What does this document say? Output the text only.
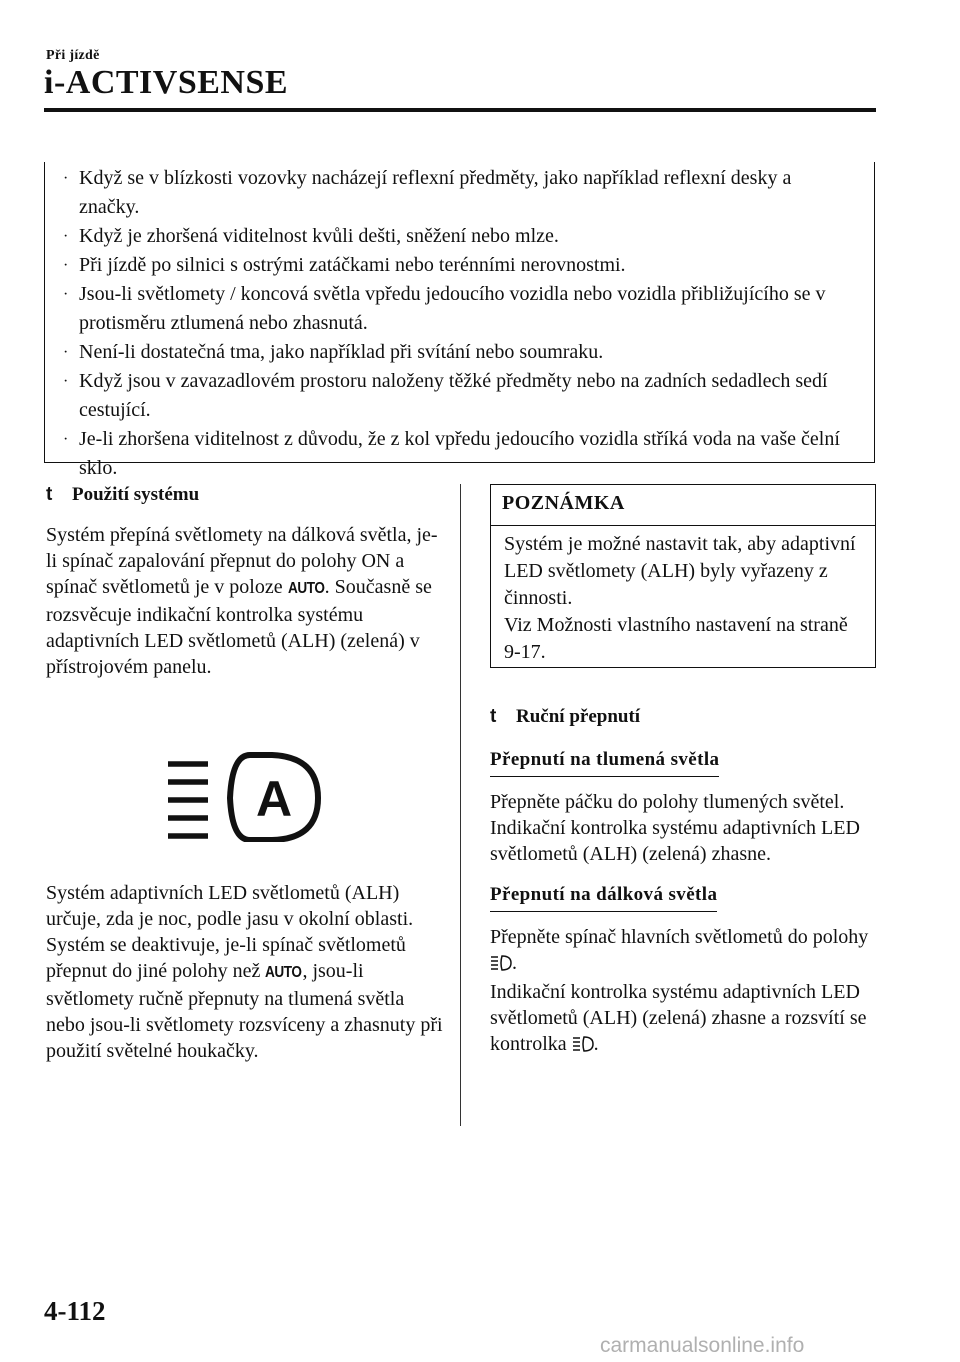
Při jízdě
i-ACTIVSENSE
· Když se v blízkosti vozovky nacházejí reflexní předměty, jako například reflexní desky a značky.
· Když je zhoršená viditelnost kvůli dešti, sněžení nebo mlze.
· Při jízdě po silnici s ostrými zatáčkami nebo terénními nerovnostmi.
· Jsou-li světlomety / koncová světla vpředu jedoucího vozidla nebo vozidla přibližujícího se v protisměru ztlumená nebo zhasnutá.
· Není-li dostatečná tma, jako například při svítání nebo soumraku.
· Když jsou v zavazadlovém prostoru naloženy těžké předměty nebo na zadních sedadlech sedí cestující.
· Je-li zhoršena viditelnost z důvodu, že z kol vpředu jedoucího vozidla stříká voda na vaše čelní sklo.
t	Použití systému
Systém přepíná světlomety na dálková světla, je-li spínač zapalování přepnut do polohy ON a spínač světlometů je v poloze AUTO. Současně se rozsvěcuje indikační kontrolka systému adaptivních LED světlometů (ALH) (zelená) v přístrojovém panelu.
Systém adaptivních LED světlometů (ALH) určuje, zda je noc, podle jasu v okolní oblasti.
Systém se deaktivuje, je-li spínač světlometů přepnut do jiné polohy než AUTO, jsou-li světlomety ručně přepnuty na tlumená světla nebo jsou-li světlomety rozsvíceny a zhasnuty při použití světelné houkačky.
A
POZNÁMKA
Systém je možné nastavit tak, aby adaptivní LED světlomety (ALH) byly vyřazeny z činnosti.
Viz Možnosti vlastního nastavení na straně 9-17.
t	Ruční přepnutí
Přepnutí na tlumená světla
Přepněte páčku do polohy tlumených světel.
Indikační kontrolka systému adaptivních LED světlometů (ALH) (zelená) zhasne.
Přepnutí na dálková světla
Přepněte spínač hlavních světlometů do polohy .
Indikační kontrolka systému adaptivních LED světlometů (ALH) (zelená) zhasne a rozsvítí se kontrolka .
4-112
carmanualsonline.info
